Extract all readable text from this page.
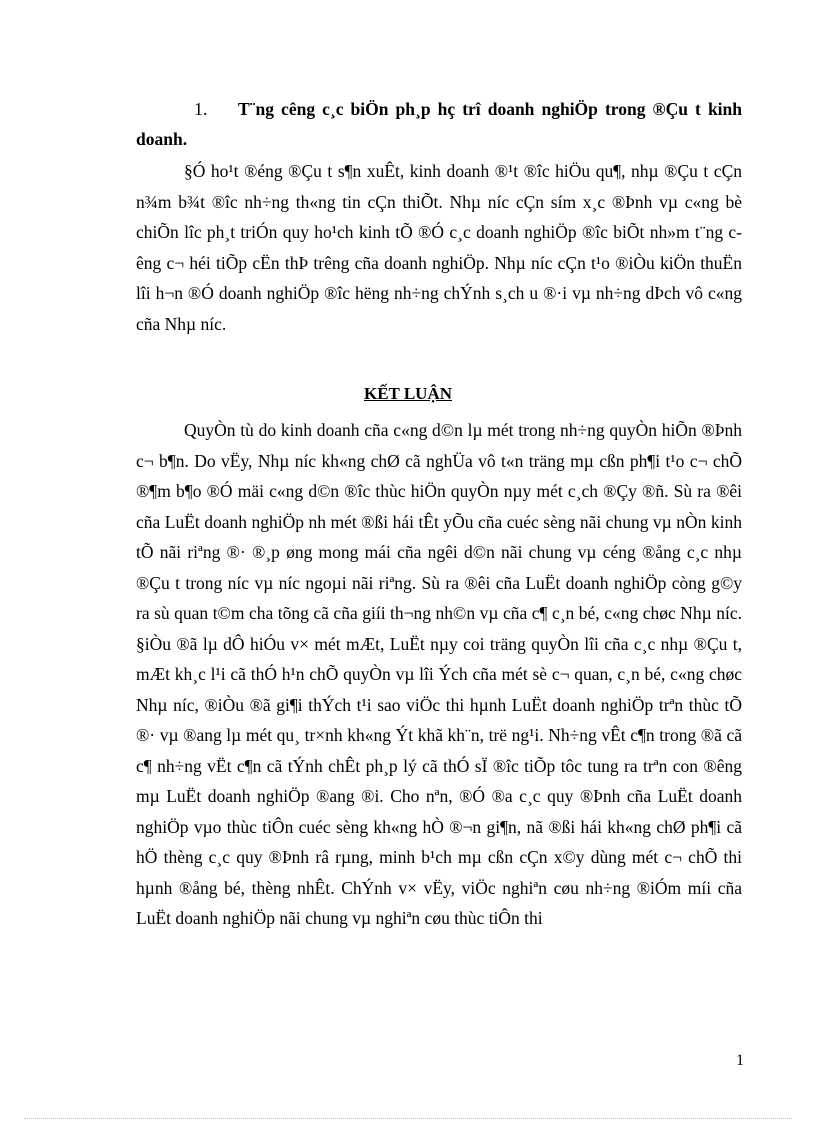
1. T¨ng cêng c¸c biÖn ph¸p hç trî doanh nghiÖp trong ®Çu t kinh doanh.

§Ó ho¹t ®éng ®Çu t s¶n xuÊt, kinh doanh ®¹t ®îc hiÖu qu¶, nhµ ®Çu t cÇn n¾m b¾t ®îc nh÷ng th«ng tin cÇn thiÕt. Nhµ níc cÇn sím x¸c ®Þnh vµ c«ng bè chiÕn lîc ph¸t triÓn quy ho¹ch kinh tÕ ®Ó c¸c doanh nghiÖp ®îc biÕt nh»m t¨ng cêng c¬ héi tiÕp cËn thÞ trêng cña doanh nghiÖp. Nhµ níc cÇn t¹o ®iÒu kiÖn thuËn lîi h¬n ®Ó doanh nghiÖp ®îc hëng nh÷ng chÝnh s¸ch u ®·i vµ nh÷ng dÞch vô c«ng cña Nhµ níc.

KẾT LUẬN

QuyÒn tù do kinh doanh cña c«ng d©n lµ mét trong nh÷ng quyÒn hiÕn ®Þnh c¬ b¶n. Do vËy, Nhµ níc kh«ng chØ cã nghÜa vô t«n träng mµ cßn ph¶i t¹o c¬ chÕ ®¶m b¶o ®Ó mäi c«ng d©n ®îc thùc hiÖn quyÒn nµy mét c¸ch ®Çy ®ñ. Sù ra ®êi cña LuËt doanh nghiÖp nh mét ®ßi hái tÊt yÕu cña cuéc sèng nãi chung vµ nÒn kinh tÕ nãi riªng ®· ®¸p øng mong mái cña ngêi d©n nãi chung vµ céng ®ång c¸c nhµ ®Çu t trong níc vµ níc ngoµi nãi riªng. Sù ra ®êi cña LuËt doanh nghiÖp còng g©y ra sù quan t©m cha tõng cã cña giíi th¬ng nh©n vµ cña c¶ c¸n bé, c«ng chøc Nhµ níc. §iÒu ®ã lµ dÔ hiÓu v× mét mÆt, LuËt nµy coi träng quyÒn lîi cña c¸c nhµ ®Çu t, mÆt kh¸c l¹i cã thÓ h¹n chÕ quyÒn vµ lîi Ých cña mét sè c¬ quan, c¸n bé, c«ng chøc Nhµ níc, ®iÒu ®ã gi¶i thÝch t¹i sao viÖc thi hµnh LuËt doanh nghiÖp trªn thùc tÕ ®· vµ ®ang lµ mét qu¸ tr×nh kh«ng Ýt khã kh¨n, trë ng¹i. Nh÷ng vÊt c¶n trong ®ã cã c¶ nh÷ng vËt c¶n cã tÝnh chÊt ph¸p lý cã thÓ sÏ ®îc tiÕp tôc tung ra trªn con ®êng mµ LuËt doanh nghiÖp ®ang ®i. Cho nªn, ®Ó ®a c¸c quy ®Þnh cña LuËt doanh nghiÖp vµo thùc tiÔn cuéc sèng kh«ng hÒ ®¬n gi¶n, nã ®ßi hái kh«ng chØ ph¶i cã hÖ thèng c¸c quy ®Þnh râ rµng, minh b¹ch mµ cßn cÇn x©y dùng mét c¬ chÕ thi hµnh ®ång bé, thèng nhÊt. ChÝnh v× vËy, viÖc nghiªn cøu nh÷ng ®iÓm míi cña LuËt doanh nghiÖp nãi chung vµ nghiªn cøu thùc tiÔn thi

1
